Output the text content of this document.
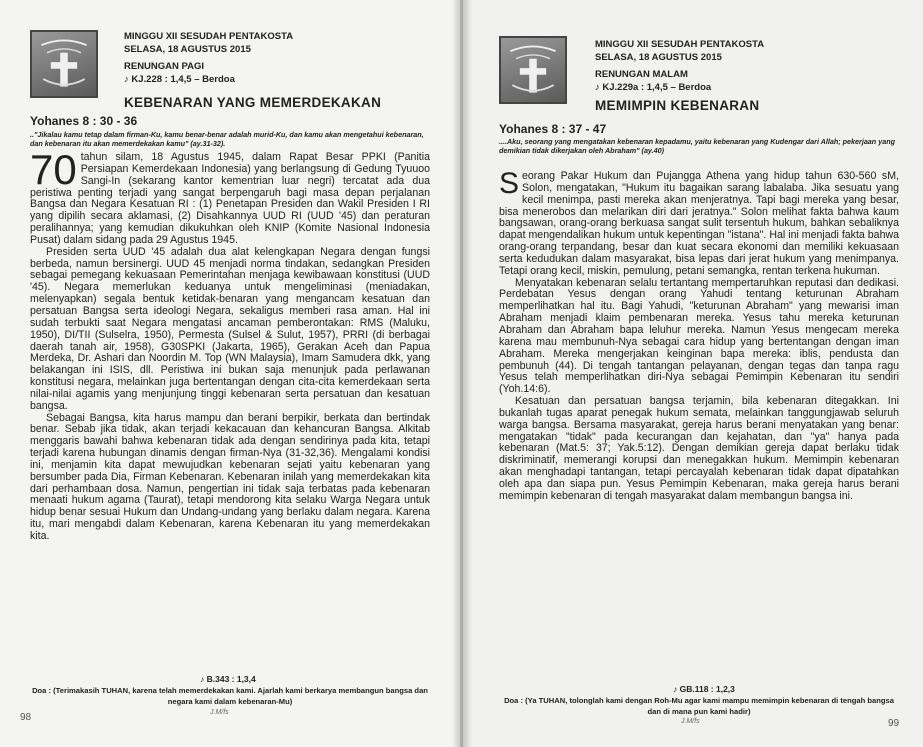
MINGGU XII SESUDAH PENTAKOSTA
SELASA, 18 AGUSTUS 2015
RENUNGAN PAGI
♪ KJ.228 : 1,4,5 – Berdoa
KEBENARAN YANG MEMERDEKAKAN
Yohanes 8 : 30 - 36
.."Jikalau kamu tetap dalam firman-Ku, kamu benar-benar adalah murid-Ku, dan kamu akan mengetahui kebenaran, dan kebenaran itu akan memerdekakan kamu" (ay.31-32).

70 tahun silam, 18 Agustus 1945, dalam Rapat Besar PPKI (Panitia Persiapan Kemerdekaan Indonesia) yang berlangsung di Gedung Tyuuoo Sangi-In (sekarang kantor kementrian luar negri) tercatat ada dua peristiwa penting terjadi yang sangat berpengaruh bagi masa depan perjalanan Bangsa dan Negara Kesatuan RI : (1) Penetapan Presiden dan Wakil Presiden I RI yang dipilih secara aklamasi, (2) Disahkannya UUD RI (UUD '45) dan peraturan peralihannya; yang kemudian dikukuhkan oleh KNIP (Komite Nasional Indonesia Pusat) dalam sidang pada 29 Agustus 1945.

Presiden serta UUD '45 adalah dua alat kelengkapan Negara dengan fungsi berbeda, namun bersinergi. UUD 45 menjadi norma tindakan, sedangkan Presiden sebagai pemegang kekuasaan Pemerintahan menjaga kewibawaan konstitusi (UUD '45). Negara memerlukan keduanya untuk mengeliminasi (meniadakan, melenyapkan) segala bentuk ketidak-benaran yang mengancam kesatuan dan persatuan Bangsa serta ideologi Negara, sekaligus memberi rasa aman. Hal ini sudah terbukti saat Negara mengatasi ancaman pemberontakan: RMS (Maluku, 1950), DI/TII (Sulselra, 1950), Permesta (Sulsel & Sulut, 1957), PRRI (di berbagai daerah tanah air, 1958), G30SPKI (Jakarta, 1965), Gerakan Aceh dan Papua Merdeka, Dr. Ashari dan Noordin M. Top (WN Malaysia), Imam Samudera dkk, yang belakangan ini ISIS, dll. Peristiwa ini bukan saja menunjuk pada perlawanan konstitusi negara, melainkan juga bertentangan dengan cita-cita kemerdekaan serta nilai-nilai agamis yang menjunjung tinggi kebenaran serta persatuan dan kesatuan bangsa.

Sebagai Bangsa, kita harus mampu dan berani berpikir, berkata dan bertindak benar. Sebab jika tidak, akan terjadi kekacauan dan kehancuran Bangsa. Alkitab menggaris bawahi bahwa kebenaran tidak ada dengan sendirinya pada kita, tetapi terjadi karena hubungan dinamis dengan firman-Nya (31-32,36). Mengalami kondisi ini, menjamin kita dapat mewujudkan kebenaran sejati yaitu kebenaran yang bersumber pada Dia, Firman Kebenaran. Kebenaran inilah yang memerdekakan kita dari perhambaan dosa. Namun, pengertian ini tidak saja terbatas pada kebenaran menaati hukum agama (Taurat), tetapi mendorong kita selaku Warga Negara untuk hidup benar sesuai Hukum dan Undang-undang yang berlaku dalam negara. Karena itu, mari mengabdi dalam Kebenaran, karena Kebenaran itu yang memerdekakan kita.

♪ B.343 : 1,3,4
Doa : (Terimakasih TUHAN, karena telah memerdekakan kami. Ajarlah kami berkarya membangun bangsa dan negara kami dalam kebenaran-Mu)
J.M/fs
98
MINGGU XII SESUDAH PENTAKOSTA
SELASA, 18 AGUSTUS 2015
RENUNGAN MALAM
♪ KJ.229a : 1,4,5 – Berdoa
MEMIMPIN KEBENARAN
Yohanes 8 : 37 - 47
....Aku, seorang yang mengatakan kebenaran kepadamu, yaitu kebenaran yang Kudengar dari Allah; pekerjaan yang demikian tidak dikerjakan oleh Abraham" (ay.40)

Seorang Pakar Hukum dan Pujangga Athena yang hidup tahun 630-560 sM, Solon, mengatakan, "Hukum itu bagaikan sarang labalaba. Jika sesuatu yang kecil menimpa, pasti mereka akan menjeratnya. Tapi bagi mereka yang besar, bisa menerobos dan melarikan diri dari jeratnya." Solon melihat fakta bahwa kaum bangsawan, orang-orang berkuasa sangat sulit tersentuh hukum, bahkan sebaliknya dapat mengendalikan hukum untuk kepentingan "istana". Hal ini menjadi fakta bahwa orang-orang terpandang, besar dan kuat secara ekonomi dan memiliki kekuasaan serta kedudukan dalam masyarakat, bisa lepas dari jerat hukum yang menimpanya. Tetapi orang kecil, miskin, pemulung, petani semangka, rentan terkena hukuman.

Menyatakan kebenaran selalu tertantang mempertaruhkan reputasi dan dedikasi. Perdebatan Yesus dengan orang Yahudi tentang keturunan Abraham memperlihatkan hal itu. Bagi Yahudi, "keturunan Abraham" yang mewarisi iman Abraham menjadi klaim pembenaran mereka. Yesus tahu mereka keturunan Abraham dan Abraham bapa leluhur mereka. Namun Yesus mengecam mereka karena mau membunuh-Nya sebagai cara hidup yang bertentangan dengan iman Abraham. Mereka mengerjakan keinginan bapa mereka: iblis, pendusta dan pembunuh (44). Di tengah tantangan pelayanan, dengan tegas dan tanpa ragu Yesus telah memperlihatkan diri-Nya sebagai Pemimpin Kebenaran itu sendiri (Yoh.14:6).

Kesatuan dan persatuan bangsa terjamin, bila kebenaran ditegakkan. Ini bukanlah tugas aparat penegak hukum semata, melainkan tanggungjawab seluruh warga bangsa. Bersama masyarakat, gereja harus berani menyatakan yang benar: mengatakan "tidak" pada kecurangan dan kejahatan, dan "ya" hanya pada kebenaran (Mat.5: 37; Yak.5:12). Dengan demikian gereja dapat berlaku tidak diskriminatif, memerangi korupsi dan menegakkan hukum. Memimpin kebenaran akan menghadapi tantangan, tetapi percayalah kebenaran tidak dapat dipatahkan oleh apa dan siapa pun. Yesus Pemimpin Kebenaran, maka gereja harus berani memimpin kebenaran di tengah masyarakat dalam membangun bangsa ini.

♪ GB.118 : 1,2,3
Doa : (Ya TUHAN, tolonglah kami dengan Roh-Mu agar kami mampu memimpin kebenaran di tengah bangsa dan di mana pun kami hadir)
J.M/fs	99
